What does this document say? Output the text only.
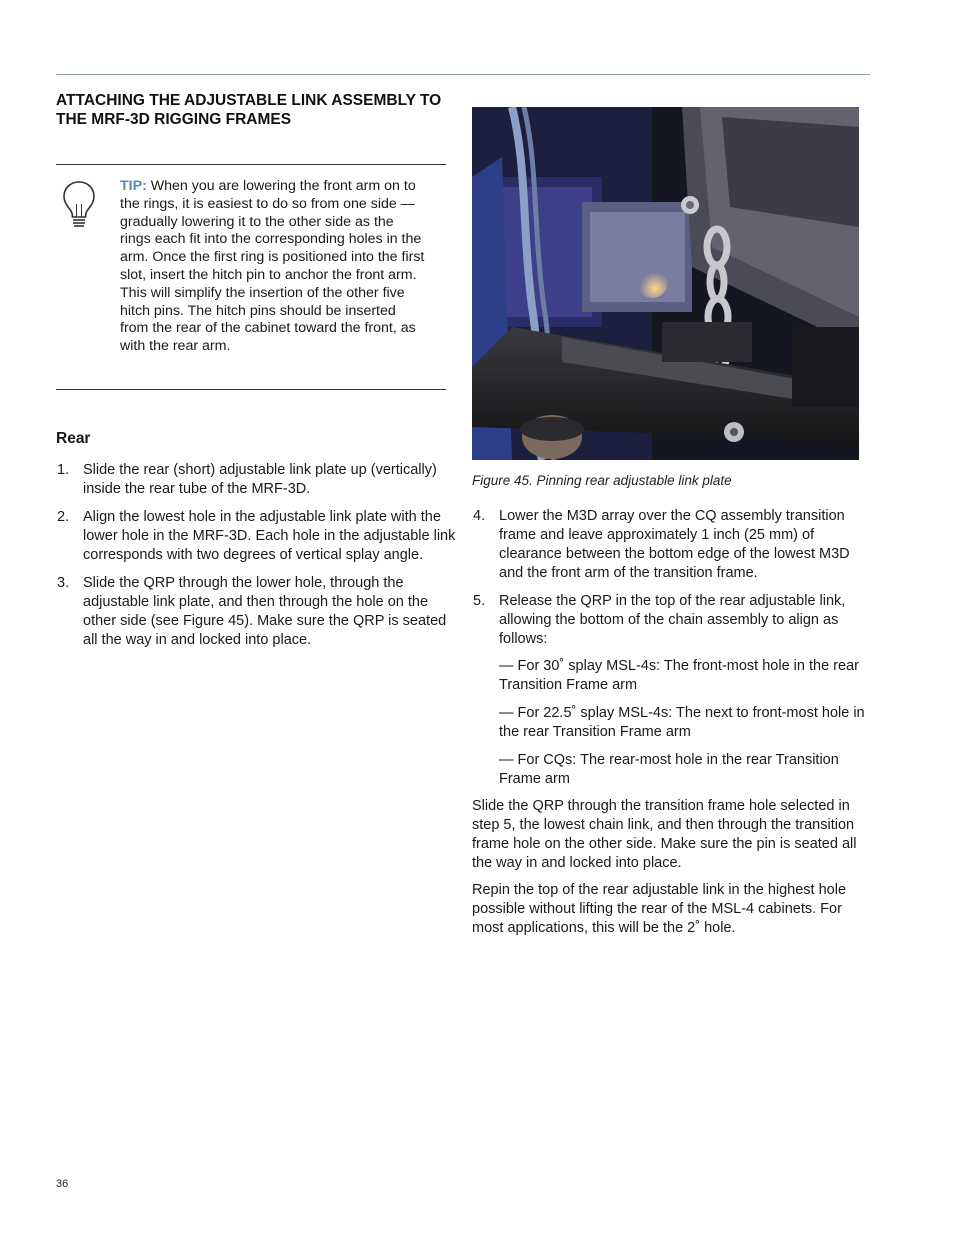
ATTACHING THE ADJUSTABLE LINK ASSEMBLY TO THE MRF-3D RIGGING FRAMES

TIP: When you are lowering the front arm on to the rings, it is easiest to do so from one side — gradually lowering it to the other side as the rings each fit into the corresponding holes in the arm. Once the first ring is positioned into the first slot, insert the hitch pin to anchor the front arm. This will simplify the insertion of the other five hitch pins. The hitch pins should be inserted from the rear of the cabinet toward the front, as with the rear arm.

Rear
1. Slide the rear (short) adjustable link plate up (vertically) inside the rear tube of the MRF-3D.
2. Align the lowest hole in the adjustable link plate with the lower hole in the MRF-3D. Each hole in the adjustable link corresponds with two degrees of vertical splay angle.
3. Slide the QRP through the lower hole, through the adjustable link plate, and then through the hole on the other side (see Figure 45). Make sure the QRP is seated all the way in and locked into place.

Figure 45. Pinning rear adjustable link plate

4. Lower the M3D array over the CQ assembly transition frame and leave approximately 1 inch (25 mm) of clearance between the bottom edge of the lowest M3D and the front arm of the transition frame.
5. Release the QRP in the top of the rear adjustable link, allowing the bottom of the chain assembly to align as follows:

— For 30˚ splay MSL-4s: The front-most hole in the rear Transition Frame arm

— For 22.5˚ splay MSL-4s: The next to front-most hole in the rear Transition Frame arm

— For CQs: The rear-most hole in the rear Transition Frame arm

Slide the QRP through the transition frame hole selected in step 5, the lowest chain link, and then through the transition frame hole on the other side. Make sure the pin is seated all the way in and locked into place.

Repin the top of the rear adjustable link in the highest hole possible without lifting the rear of the MSL-4 cabinets. For most applications, this will be the 2˚ hole.

36
